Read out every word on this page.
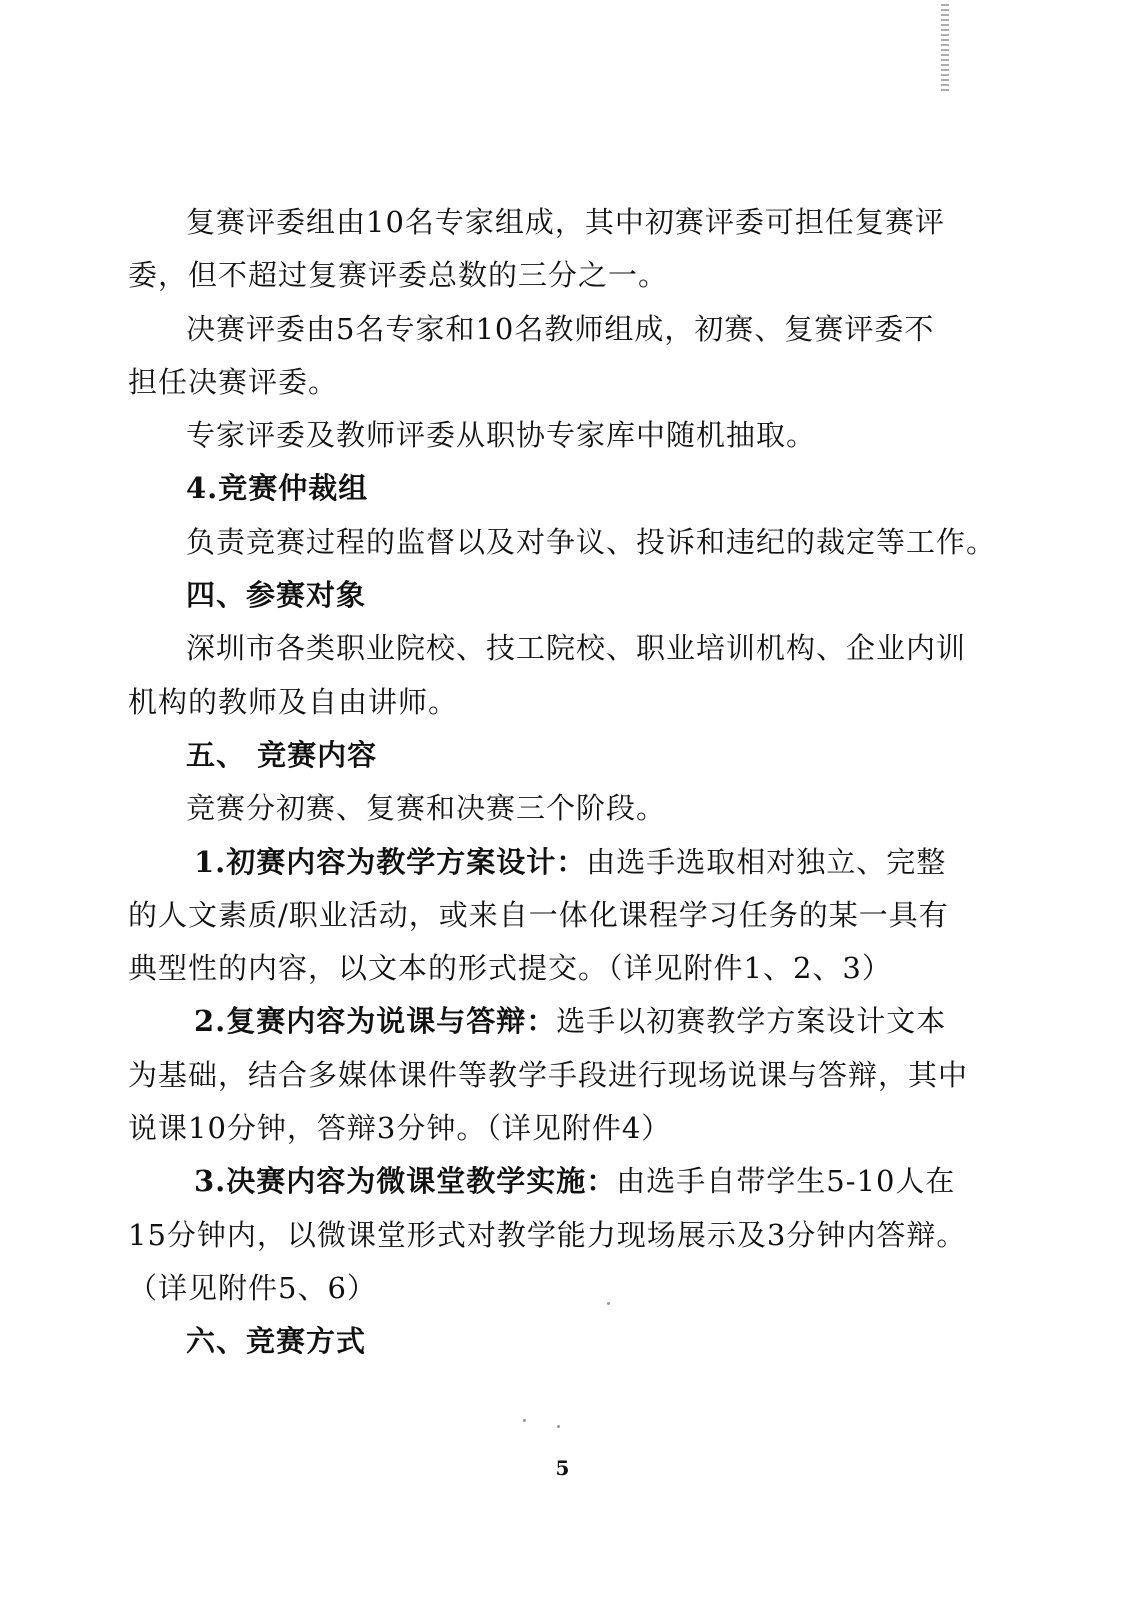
复赛评委组由10名专家组成，其中初赛评委可担任复赛评
委，但不超过复赛评委总数的三分之一。
决赛评委由5名专家和10名教师组成，初赛、复赛评委不
担任决赛评委。
专家评委及教师评委从职协专家库中随机抽取。
4.竞赛仲裁组
负责竞赛过程的监督以及对争议、投诉和违纪的裁定等工作。
四、参赛对象
深圳市各类职业院校、技工院校、职业培训机构、企业内训
机构的教师及自由讲师。
五、 竞赛内容
竞赛分初赛、复赛和决赛三个阶段。
1.初赛内容为教学方案设计：由选手选取相对独立、完整
的人文素质/职业活动，或来自一体化课程学习任务的某一具有
典型性的内容，以文本的形式提交。（详见附件1、2、3）
2.复赛内容为说课与答辩：选手以初赛教学方案设计文本
为基础，结合多媒体课件等教学手段进行现场说课与答辩，其中
说课10分钟，答辩3分钟。（详见附件4）
3.决赛内容为微课堂教学实施：由选手自带学生5-10人在
15分钟内，以微课堂形式对教学能力现场展示及3分钟内答辩。
（详见附件5、6）
六、竞赛方式
5
